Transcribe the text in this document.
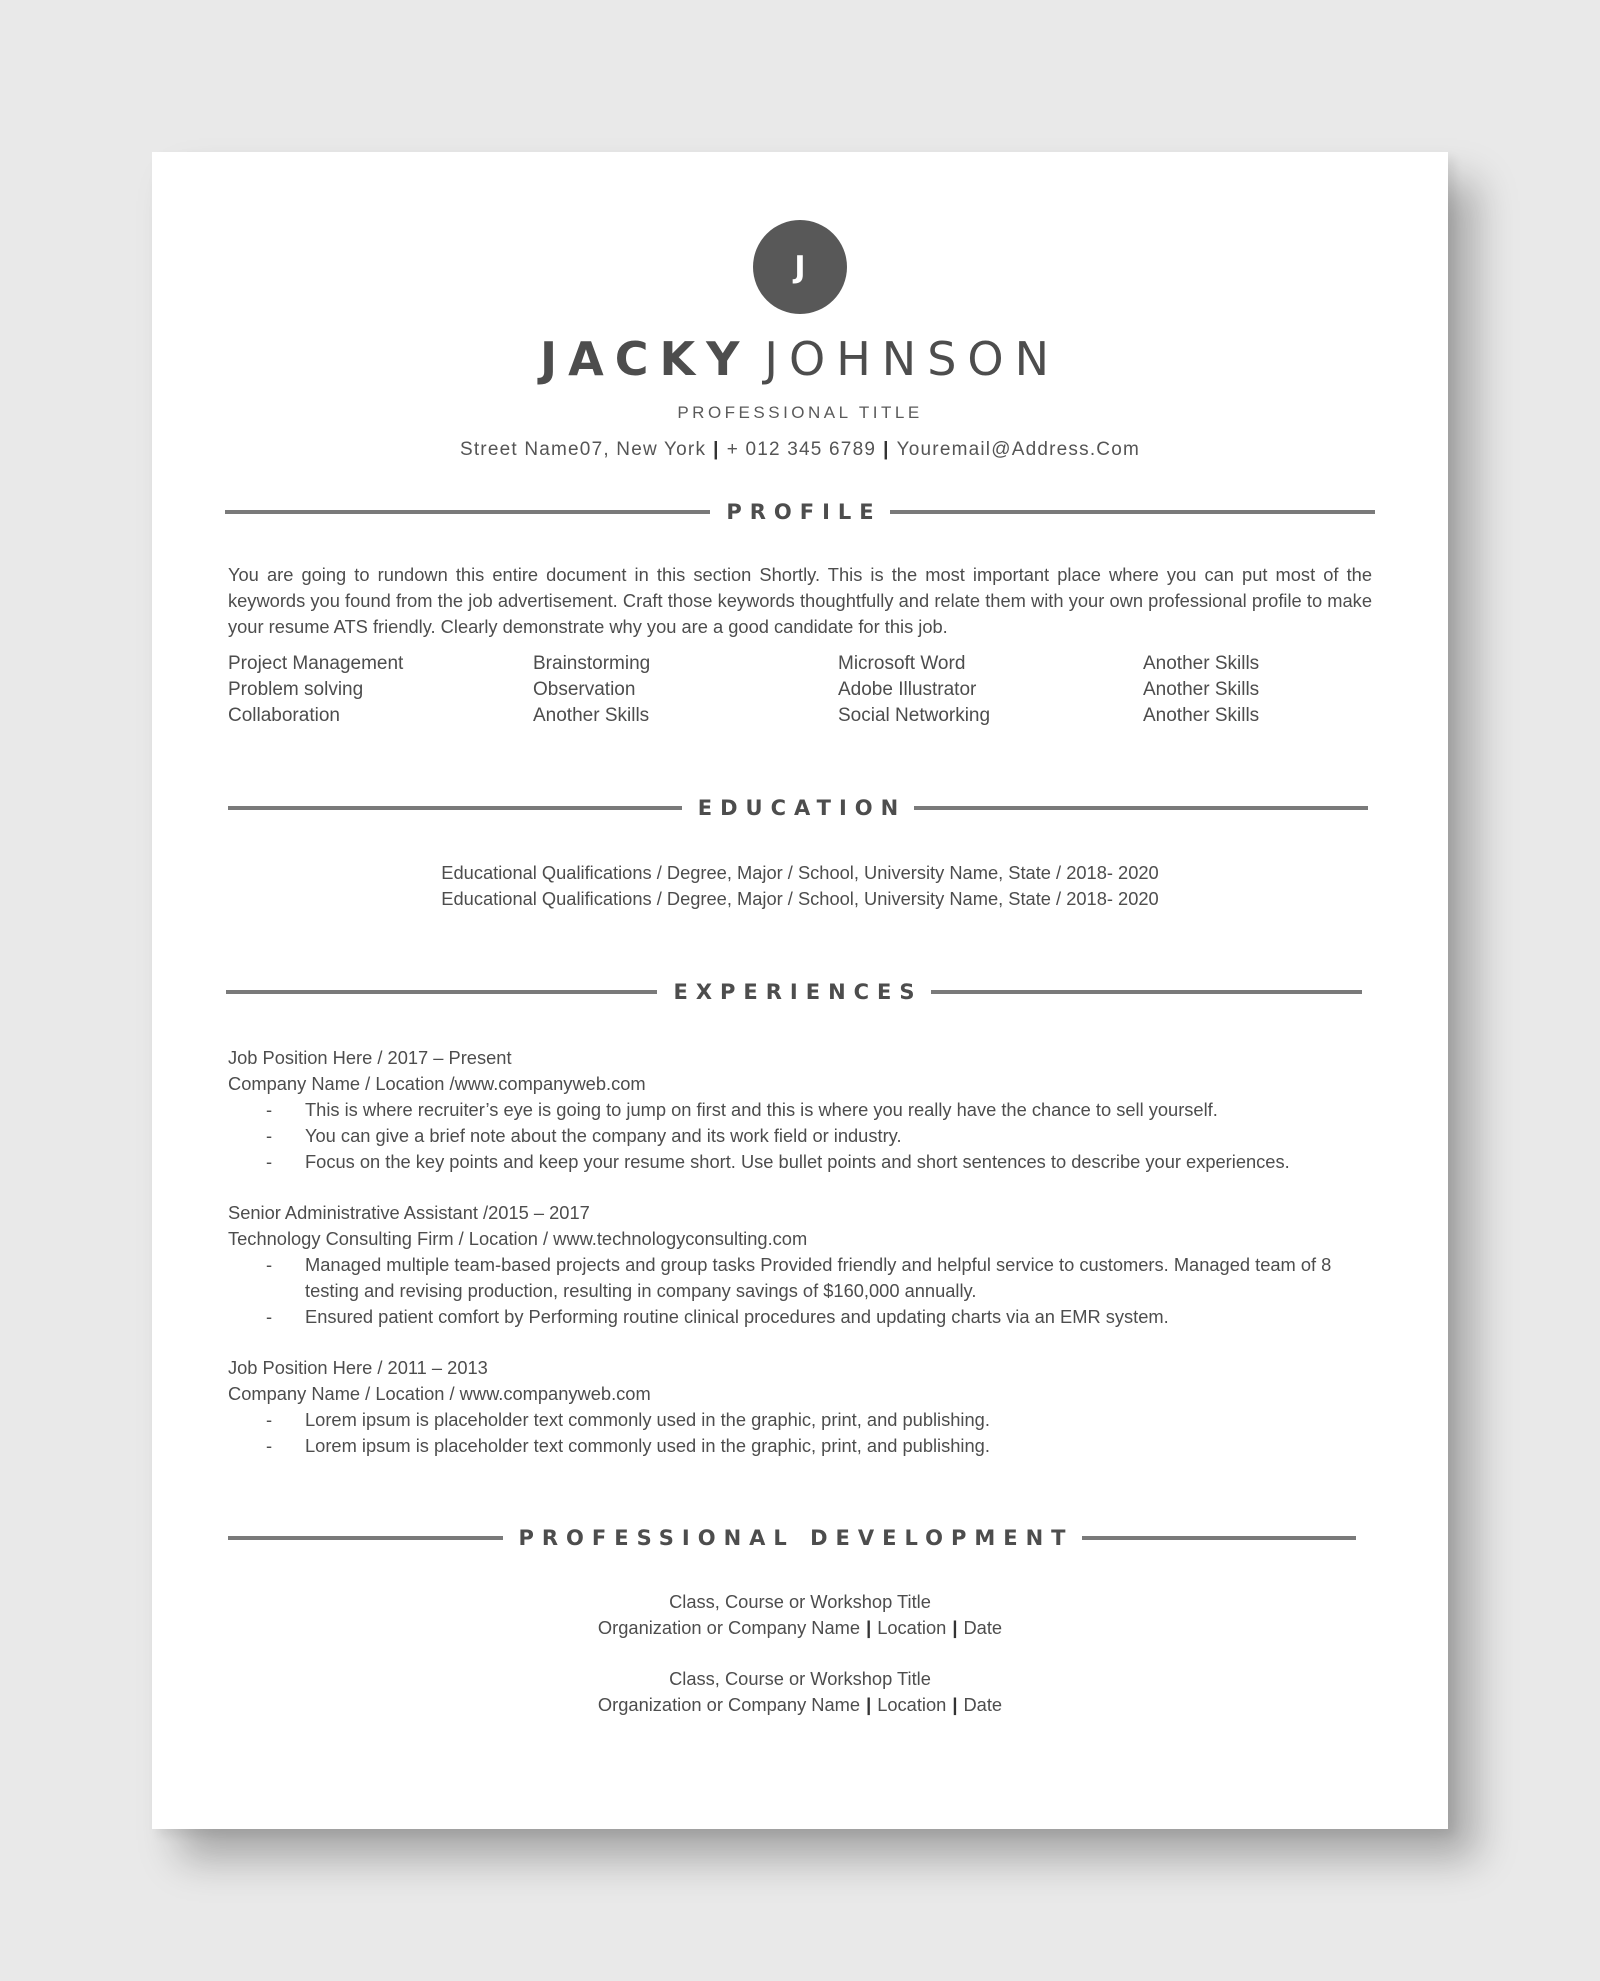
J
JACKY JOHNSON
PROFESSIONAL TITLE
Street Name07, New York | + 012 345 6789 | Youremail@Address.Com
PROFILE
You are going to rundown this entire document in this section Shortly. This is the most important place where you can put most of the keywords you found from the job advertisement. Craft those keywords thoughtfully and relate them with your own professional profile to make your resume ATS friendly. Clearly demonstrate why you are a good candidate for this job.
Project Management	Brainstorming	Microsoft Word	Another Skills
Problem solving	Observation	Adobe Illustrator	Another Skills
Collaboration	Another Skills	Social Networking	Another Skills
EDUCATION
Educational Qualifications / Degree, Major / School, University Name, State / 2018- 2020
Educational Qualifications / Degree, Major / School, University Name, State / 2018- 2020
EXPERIENCES
Job Position Here / 2017 – Present
Company Name / Location /www.companyweb.com
- This is where recruiter’s eye is going to jump on first and this is where you really have the chance to sell yourself.
- You can give a brief note about the company and its work field or industry.
- Focus on the key points and keep your resume short. Use bullet points and short sentences to describe your experiences.
Senior Administrative Assistant /2015 – 2017
Technology Consulting Firm / Location / www.technologyconsulting.com
- Managed multiple team-based projects and group tasks Provided friendly and helpful service to customers. Managed team of 8 testing and revising production, resulting in company savings of $160,000 annually.
- Ensured patient comfort by Performing routine clinical procedures and updating charts via an EMR system.
Job Position Here / 2011 – 2013
Company Name / Location / www.companyweb.com
- Lorem ipsum is placeholder text commonly used in the graphic, print, and publishing.
- Lorem ipsum is placeholder text commonly used in the graphic, print, and publishing.
PROFESSIONAL DEVELOPMENT
Class, Course or Workshop Title
Organization or Company Name | Location | Date
Class, Course or Workshop Title
Organization or Company Name | Location | Date
